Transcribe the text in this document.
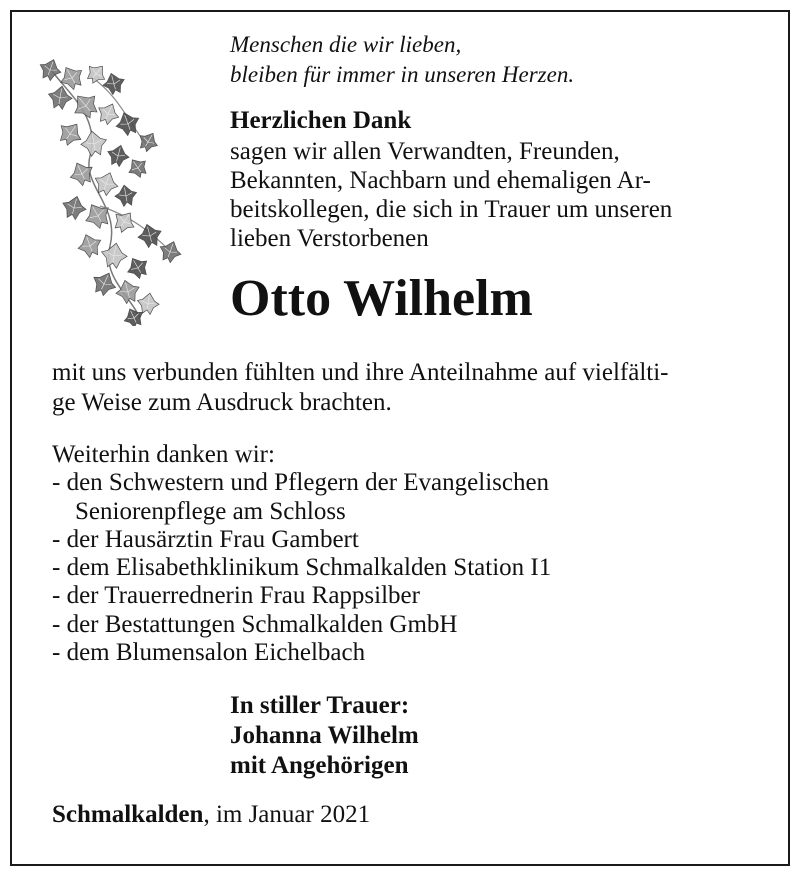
Menschen die wir lieben,
bleiben für immer in unseren Herzen.
Herzlichen Dank
sagen wir allen Verwandten, Freunden,
Bekannten, Nachbarn und ehemaligen Ar-
beitskollegen, die sich in Trauer um unseren
lieben Verstorbenen
Otto Wilhelm
mit uns verbunden fühlten und ihre Anteilnahme auf vielfälti-
ge Weise zum Ausdruck brachten.
Weiterhin danken wir:
- den Schwestern und Pflegern der Evangelischen
Seniorenpflege am Schloss
- der Hausärztin Frau Gambert
- dem Elisabethklinikum Schmalkalden Station I1
- der Trauerrednerin Frau Rappsilber
- der Bestattungen Schmalkalden GmbH
- dem Blumensalon Eichelbach
In stiller Trauer:
Johanna Wilhelm
mit Angehörigen
Schmalkalden, im Januar 2021
